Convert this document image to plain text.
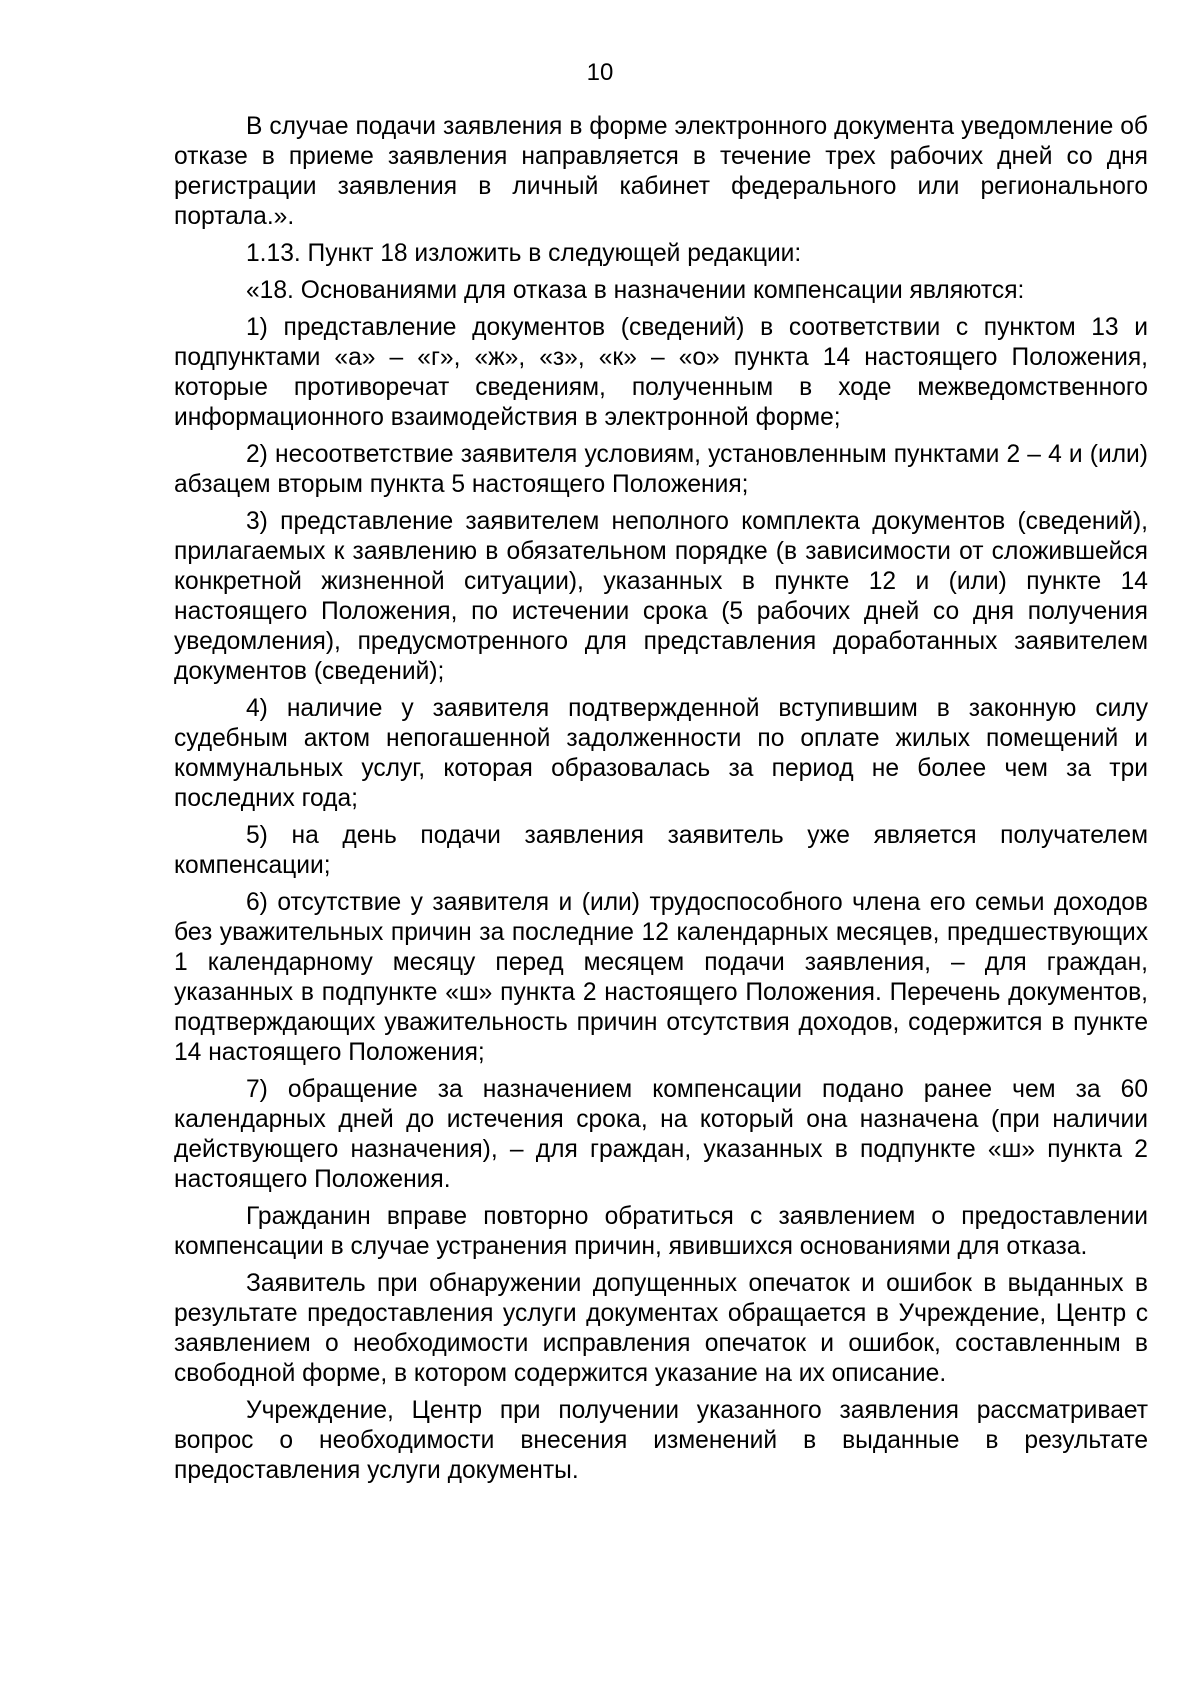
10

В случае подачи заявления в форме электронного документа уведомление об отказе в приеме заявления направляется в течение трех рабочих дней со дня регистрации заявления в личный кабинет федерального или регионального портала.».

1.13. Пункт 18 изложить в следующей редакции:

«18. Основаниями для отказа в назначении компенсации являются:

1) представление документов (сведений) в соответствии с пунктом 13 и подпунктами «а» – «г», «ж», «з», «к» – «о» пункта 14 настоящего Положения, которые противоречат сведениям, полученным в ходе межведомственного информационного взаимодействия в электронной форме;

2) несоответствие заявителя условиям, установленным пунктами 2 – 4 и (или) абзацем вторым пункта 5 настоящего Положения;

3) представление заявителем неполного комплекта документов (сведений), прилагаемых к заявлению в обязательном порядке (в зависимости от сложившейся конкретной жизненной ситуации), указанных в пункте 12 и (или) пункте 14 настоящего Положения, по истечении срока (5 рабочих дней со дня получения уведомления), предусмотренного для представления доработанных заявителем документов (сведений);

4) наличие у заявителя подтвержденной вступившим в законную силу судебным актом непогашенной задолженности по оплате жилых помещений и коммунальных услуг, которая образовалась за период не более чем за три последних года;

5) на день подачи заявления заявитель уже является получателем компенсации;

6) отсутствие у заявителя и (или) трудоспособного члена его семьи доходов без уважительных причин за последние 12 календарных месяцев, предшествующих 1 календарному месяцу перед месяцем подачи заявления, – для граждан, указанных в подпункте «ш» пункта 2 настоящего Положения. Перечень документов, подтверждающих уважительность причин отсутствия доходов, содержится в пункте 14 настоящего Положения;

7) обращение за назначением компенсации подано ранее чем за 60 календарных дней до истечения срока, на который она назначена (при наличии действующего назначения), – для граждан, указанных в подпункте «ш» пункта 2 настоящего Положения.

Гражданин вправе повторно обратиться с заявлением о предоставлении компенсации в случае устранения причин, явившихся основаниями для отказа.

Заявитель при обнаружении допущенных опечаток и ошибок в выданных в результате предоставления услуги документах обращается в Учреждение, Центр с заявлением о необходимости исправления опечаток и ошибок, составленным в свободной форме, в котором содержится указание на их описание.

Учреждение, Центр при получении указанного заявления рассматривает вопрос о необходимости внесения изменений в выданные в результате предоставления услуги документы.
